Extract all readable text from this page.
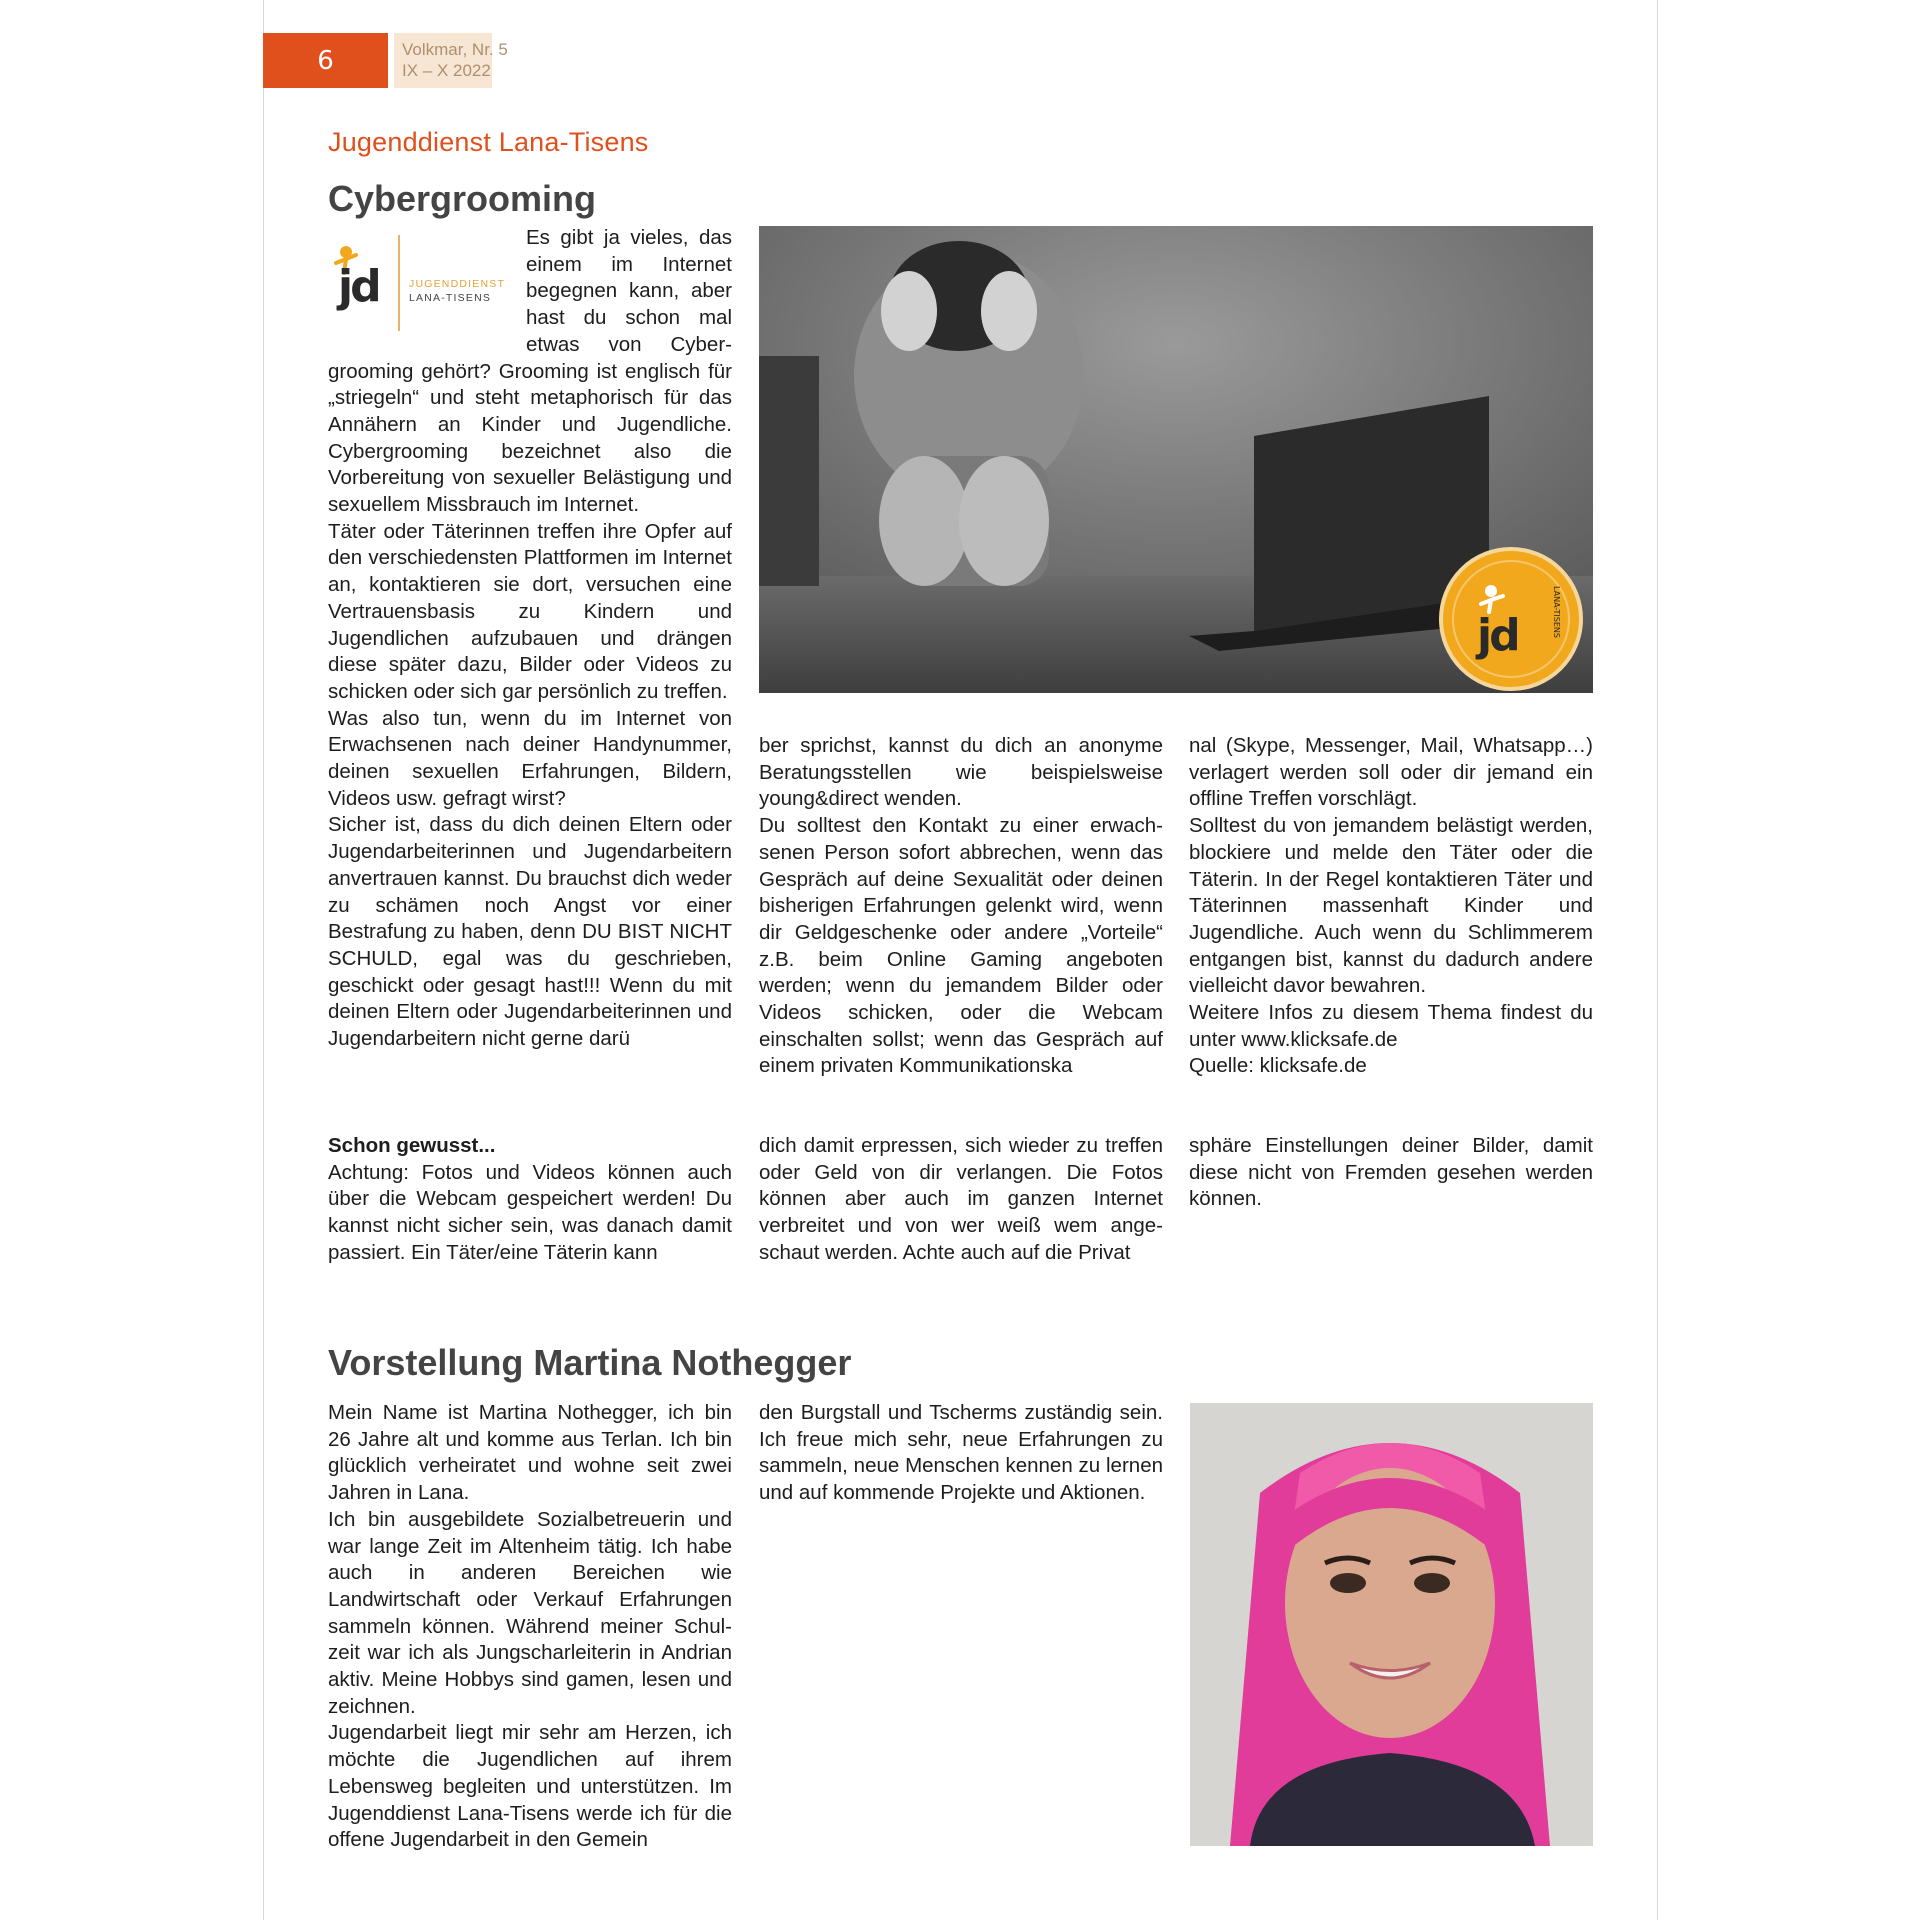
6	Volkmar, Nr. 5
IX – X 2022
Jugenddienst Lana-Tisens
Cybergrooming
jd	JUGENDDIENST
LANA-TISENS

Es gibt ja vieles, das einem im Internet begegnen kann, aber hast du schon mal etwas von Cybergrooming gehört? Grooming ist englisch für „striegeln“ und steht metaphorisch für das Annähern an Kinder und Jugendliche. Cybergrooming bezeichnet also die Vorbereitung von sexueller Belästigung und sexuellem Missbrauch im Internet.

Täter oder Täterinnen treffen ihre Opfer auf den verschiedensten Plattformen im Internet an, kontaktieren sie dort, versuchen eine Vertrauensbasis zu Kindern und Jugendlichen aufzubauen und drängen diese später dazu, Bilder oder Videos zu schicken oder sich gar persönlich zu treffen.

Was also tun, wenn du im Internet von Erwachsenen nach deiner Handynummer, deinen sexuellen Erfahrungen, Bildern, Videos usw. gefragt wirst?

Sicher ist, dass du dich deinen Eltern oder Jugendarbeiterinnen und Jugendarbeitern anvertrauen kannst. Du brauchst dich weder zu schämen noch Angst vor einer Bestrafung zu haben, denn DU BIST NICHT SCHULD, egal was du geschrieben, geschickt oder gesagt hast!!! Wenn du mit deinen Eltern oder Jugendarbeiterinnen und Jugendarbeitern nicht gerne darü

jd	LANA-TISENS

ber sprichst, kannst du dich an anonyme Beratungsstellen wie beispielsweise young&direct wenden.

Du solltest den Kontakt zu einer erwachsenen Person sofort abbrechen, wenn das Gespräch auf deine Sexualität oder deinen bisherigen Erfahrungen gelenkt wird, wenn dir Geldgeschenke oder andere „Vorteile“ z.B. beim Online Gaming angeboten werden; wenn du jemandem Bilder oder Videos schicken, oder die Webcam einschalten sollst; wenn das Gespräch auf einem privaten Kommunikationska

nal (Skype, Messenger, Mail, Whatsapp…) verlagert werden soll oder dir jemand ein offline Treffen vorschlägt.

Solltest du von jemandem belästigt werden, blockiere und melde den Täter oder die Täterin. In der Regel kontaktieren Täter und Täterinnen massenhaft Kinder und Jugendliche. Auch wenn du Schlimmerem entgangen bist, kannst du dadurch andere vielleicht davor bewahren.

Weitere Infos zu diesem Thema findest du unter www.klicksafe.de

Quelle: klicksafe.de

Schon gewusst...

Achtung: Fotos und Videos können auch über die Webcam gespeichert werden! Du kannst nicht sicher sein, was danach damit passiert. Ein Täter/eine Täterin kann

dich damit erpressen, sich wieder zu treffen oder Geld von dir verlangen. Die Fotos können aber auch im ganzen Internet verbreitet und von wer weiß wem angeschaut werden. Achte auch auf die Privat

sphäre Einstellungen deiner Bilder, damit diese nicht von Fremden gesehen werden können.

Vorstellung Martina Nothegger

Mein Name ist Martina Nothegger, ich bin 26 Jahre alt und komme aus Terlan. Ich bin glücklich verheiratet und wohne seit zwei Jahren in Lana.

Ich bin ausgebildete Sozialbetreuerin und war lange Zeit im Altenheim tätig. Ich habe auch in anderen Bereichen wie Landwirtschaft oder Verkauf Erfahrungen sammeln können. Während meiner Schulzeit war ich als Jungscharleiterin in Andrian aktiv. Meine Hobbys sind gamen, lesen und zeichnen.

Jugendarbeit liegt mir sehr am Herzen, ich möchte die Jugendlichen auf ihrem Lebensweg begleiten und unterstützen. Im Jugenddienst Lana-Tisens werde ich für die offene Jugendarbeit in den Gemein

den Burgstall und Tscherms zuständig sein. Ich freue mich sehr, neue Erfahrungen zu sammeln, neue Menschen kennen zu lernen und auf kommende Projekte und Aktionen.
